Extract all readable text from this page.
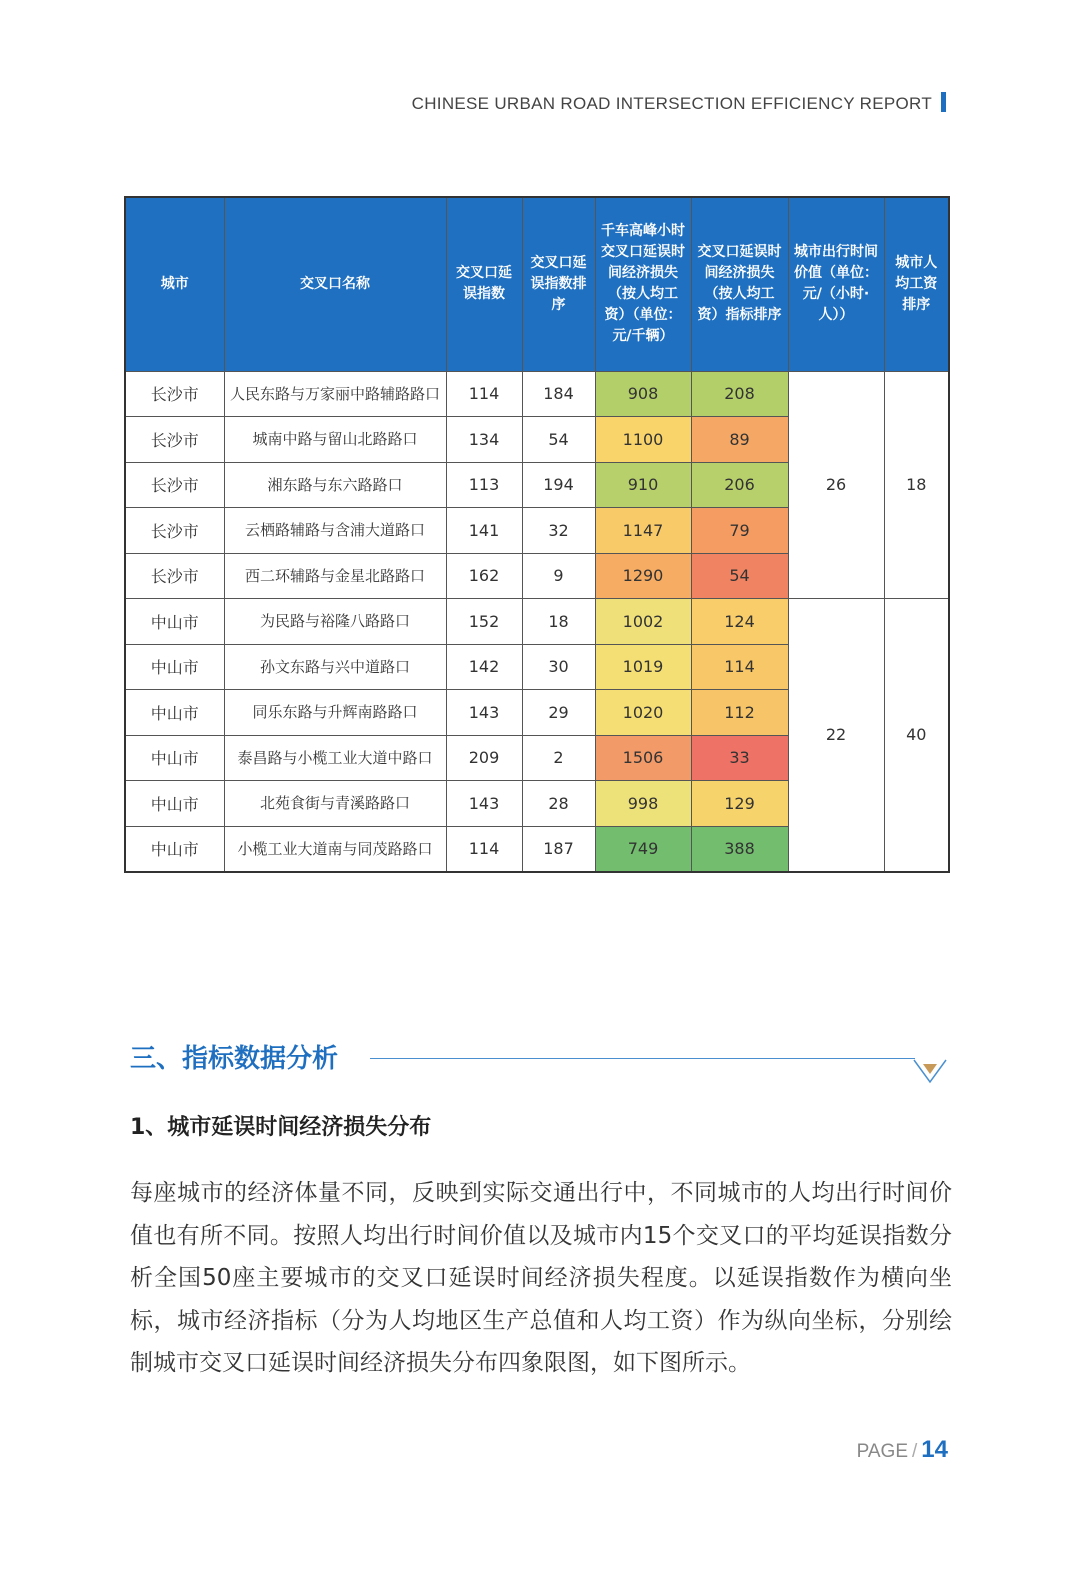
CHINESE URBAN ROAD INTERSECTION EFFICIENCY REPORT
城市	交叉口名称	交叉口延误指数	交叉口延误指数排序	千车高峰小时交叉口延误时间经济损失（按人均工资）（单位：元/千辆）	交叉口延误时间经济损失（按人均工资）指标排序	城市出行时间价值（单位：元/（小时·人））	城市人均工资排序
长沙市	人民东路与万家丽中路辅路路口	114	184	908	208	26	18
长沙市	城南中路与留山北路路口	134	54	1100	89		
长沙市	湘东路与东六路路口	113	194	910	206		
长沙市	云栖路辅路与含浦大道路口	141	32	1147	79		
长沙市	西二环辅路与金星北路路口	162	9	1290	54		
中山市	为民路与裕隆八路路口	152	18	1002	124	22	40
中山市	孙文东路与兴中道路口	142	30	1019	114		
中山市	同乐东路与升辉南路路口	143	29	1020	112		
中山市	泰昌路与小榄工业大道中路口	209	2	1506	33		
中山市	北苑食街与青溪路路口	143	28	998	129		
中山市	小榄工业大道南与同茂路路口	114	187	749	388		
三、指标数据分析
1、城市延误时间经济损失分布
每座城市的经济体量不同，反映到实际交通出行中，不同城市的人均出行时间价值也有所不同。按照人均出行时间价值以及城市内15个交叉口的平均延误指数分析全国50座主要城市的交叉口延误时间经济损失程度。以延误指数作为横向坐标，城市经济指标（分为人均地区生产总值和人均工资）作为纵向坐标，分别绘制城市交叉口延误时间经济损失分布四象限图，如下图所示。
PAGE / 14
